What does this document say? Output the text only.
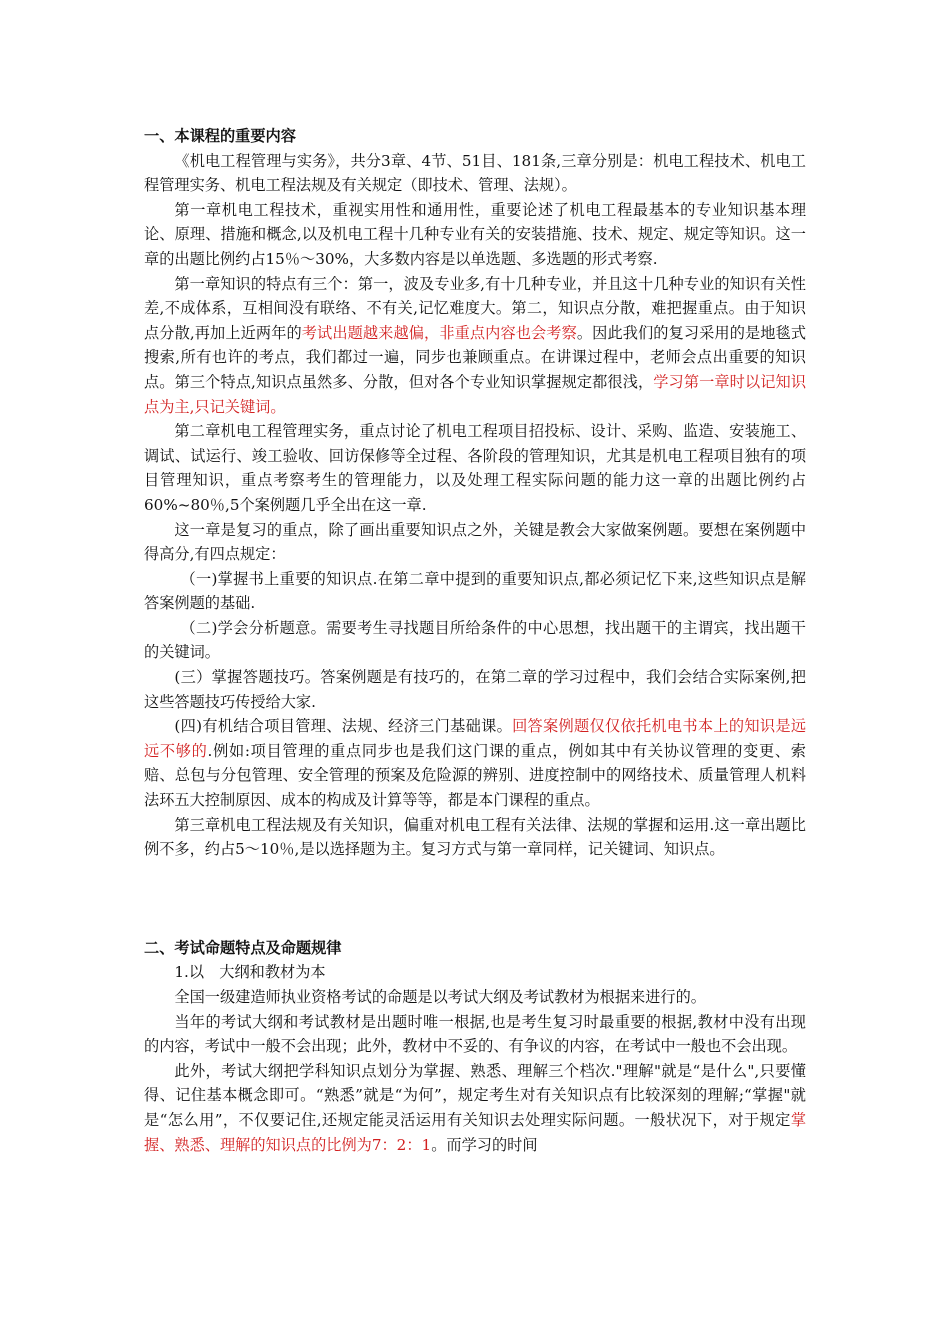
一、本课程的重要内容

《机电工程管理与实务》，共分3章、4节、51目、181条,三章分别是：机电工程技术、机电工程管理实务、机电工程法规及有关规定（即技术、管理、法规）。

第一章机电工程技术，重视实用性和通用性，重要论述了机电工程最基本的专业知识基本理论、原理、措施和概念,以及机电工程十几种专业有关的安装措施、技术、规定、规定等知识。这一章的出题比例约占15％～30%，大多数内容是以单选题、多选题的形式考察.

第一章知识的特点有三个：第一，波及专业多,有十几种专业，并且这十几种专业的知识有关性差,不成体系，互相间没有联络、不有关,记忆难度大。第二，知识点分散，难把握重点。由于知识点分散,再加上近两年的考试出题越来越偏，非重点内容也会考察。因此我们的复习采用的是地毯式搜索,所有也许的考点，我们都过一遍，同步也兼顾重点。在讲课过程中，老师会点出重要的知识点。第三个特点,知识点虽然多、分散，但对各个专业知识掌握规定都很浅，学习第一章时以记知识点为主,只记关键词。

第二章机电工程管理实务，重点讨论了机电工程项目招投标、设计、采购、监造、安装施工、调试、试运行、竣工验收、回访保修等全过程、各阶段的管理知识，尤其是机电工程项目独有的项目管理知识，重点考察考生的管理能力，以及处理工程实际问题的能力这一章的出题比例约占60%~80％,5个案例题几乎全出在这一章.

这一章是复习的重点，除了画出重要知识点之外，关键是教会大家做案例题。要想在案例题中得高分,有四点规定：

（一)掌握书上重要的知识点.在第二章中提到的重要知识点,都必须记忆下来,这些知识点是解答案例题的基础.

（二)学会分析题意。需要考生寻找题目所给条件的中心思想，找出题干的主谓宾，找出题干的关键词。

(三）掌握答题技巧。答案例题是有技巧的，在第二章的学习过程中，我们会结合实际案例,把这些答题技巧传授给大家.

(四)有机结合项目管理、法规、经济三门基础课。回答案例题仅仅依托机电书本上的知识是远远不够的.例如:项目管理的重点同步也是我们这门课的重点，例如其中有关协议管理的变更、索赔、总包与分包管理、安全管理的预案及危险源的辨别、进度控制中的网络技术、质量管理人机料法环五大控制原因、成本的构成及计算等等，都是本门课程的重点。

第三章机电工程法规及有关知识，偏重对机电工程有关法律、法规的掌握和运用.这一章出题比例不多，约占5～10％,是以选择题为主。复习方式与第一章同样，记关键词、知识点。

二、考试命题特点及命题规律

1.以　大纲和教材为本

全国一级建造师执业资格考试的命题是以考试大纲及考试教材为根据来进行的。

当年的考试大纲和考试教材是出题时唯一根据,也是考生复习时最重要的根据,教材中没有出现的内容，考试中一般不会出现；此外，教材中不妥的、有争议的内容，在考试中一般也不会出现。

此外，考试大纲把学科知识点划分为掌握、熟悉、理解三个档次."理解"就是“是什么",只要懂得、记住基本概念即可。“熟悉”就是“为何”，规定考生对有关知识点有比较深刻的理解;“掌握"就是“怎么用”，不仅要记住,还规定能灵活运用有关知识去处理实际问题。一般状况下，对于规定掌握、熟悉、理解的知识点的比例为7：2：1。而学习的时间
